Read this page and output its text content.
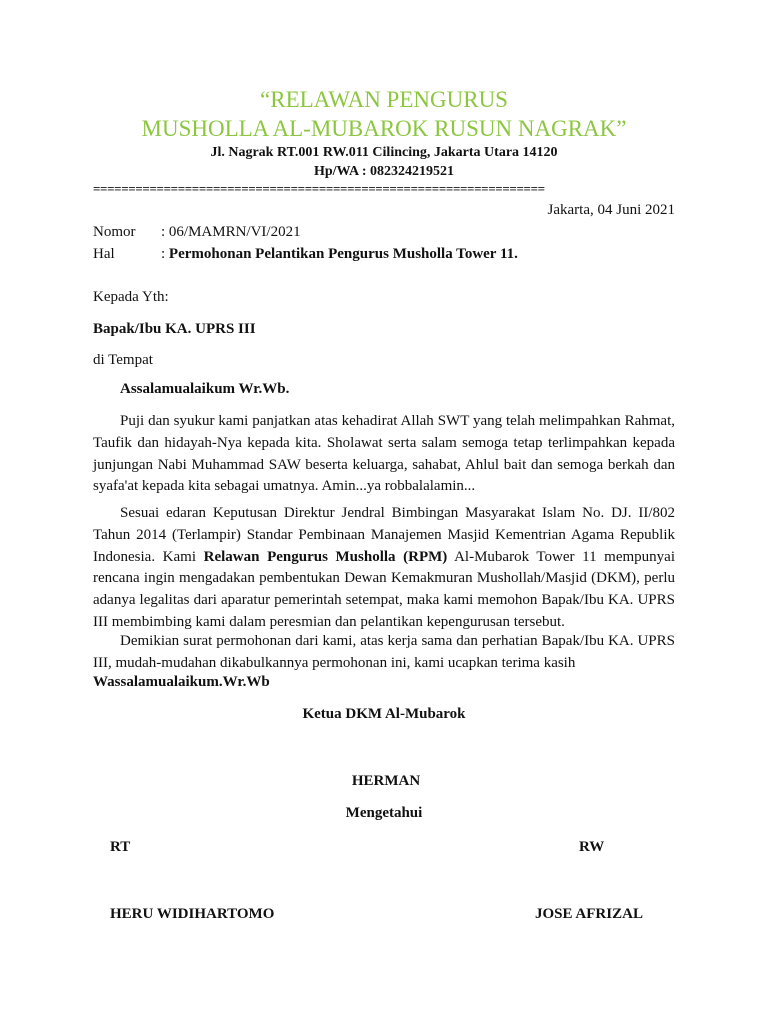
“RELAWAN PENGURUS
MUSHOLLA AL-MUBAROK RUSUN NAGRAK”
Jl. Nagrak RT.001 RW.011 Cilincing, Jakarta Utara 14120
Hp/WA : 082324219521
================================================================
Jakarta, 04 Juni 2021
Nomor	: 06/MAMRN/VI/2021
Hal	: Permohonan Pelantikan Pengurus Musholla Tower 11.
Kepada Yth:
Bapak/Ibu KA. UPRS III
di Tempat
Assalamualaikum Wr.Wb.
Puji dan syukur kami panjatkan atas kehadirat Allah SWT yang telah melimpahkan Rahmat, Taufik dan hidayah-Nya kepada kita. Sholawat serta salam semoga tetap terlimpahkan kepada junjungan Nabi Muhammad SAW beserta keluarga, sahabat, Ahlul bait dan semoga berkah dan syafa'at kepada kita sebagai umatnya. Amin...ya robbalalamin...
Sesuai edaran Keputusan Direktur Jendral Bimbingan Masyarakat Islam No. DJ. II/802 Tahun 2014 (Terlampir) Standar Pembinaan Manajemen Masjid Kementrian Agama Republik Indonesia. Kami Relawan Pengurus Musholla (RPM) Al-Mubarok Tower 11 mempunyai rencana ingin mengadakan pembentukan Dewan Kemakmuran Mushollah/Masjid (DKM), perlu adanya legalitas dari aparatur pemerintah setempat, maka kami memohon Bapak/Ibu KA. UPRS III membimbing kami dalam peresmian dan pelantikan kepengurusan tersebut.
Demikian surat permohonan dari kami, atas kerja sama dan perhatian Bapak/Ibu KA. UPRS III, mudah-mudahan dikabulkannya permohonan ini, kami ucapkan terima kasih
Wassalamualaikum.Wr.Wb
Ketua DKM Al-Mubarok
HERMAN
Mengetahui
RT	RW
HERU WIDIHARTOMO	JOSE AFRIZAL
